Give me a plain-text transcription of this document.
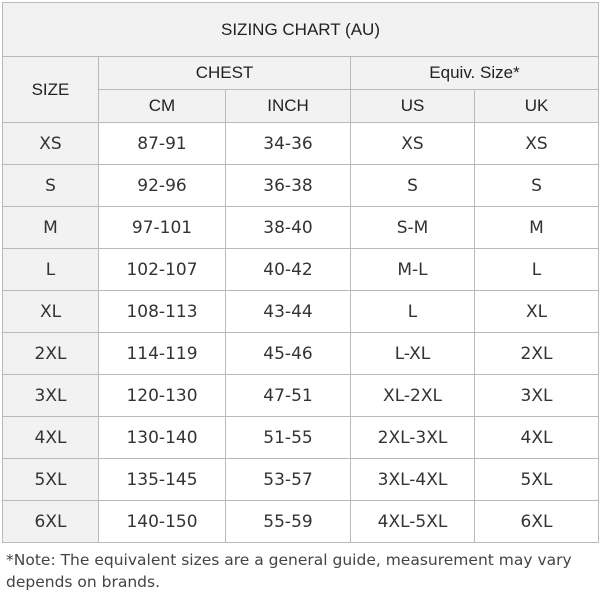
SIZING CHART (AU)				
SIZE	CHEST		Equiv. Size*	
	CM	INCH	US	UK
XS	87-91	34-36	XS	XS
S	92-96	36-38	S	S
M	97-101	38-40	S-M	M
L	102-107	40-42	M-L	L
XL	108-113	43-44	L	XL
2XL	114-119	45-46	L-XL	2XL
3XL	120-130	47-51	XL-2XL	3XL
4XL	130-140	51-55	2XL-3XL	4XL
5XL	135-145	53-57	3XL-4XL	5XL
6XL	140-150	55-59	4XL-5XL	6XL
*Note: The equivalent sizes are a general guide, measurement may vary depends on brands.
